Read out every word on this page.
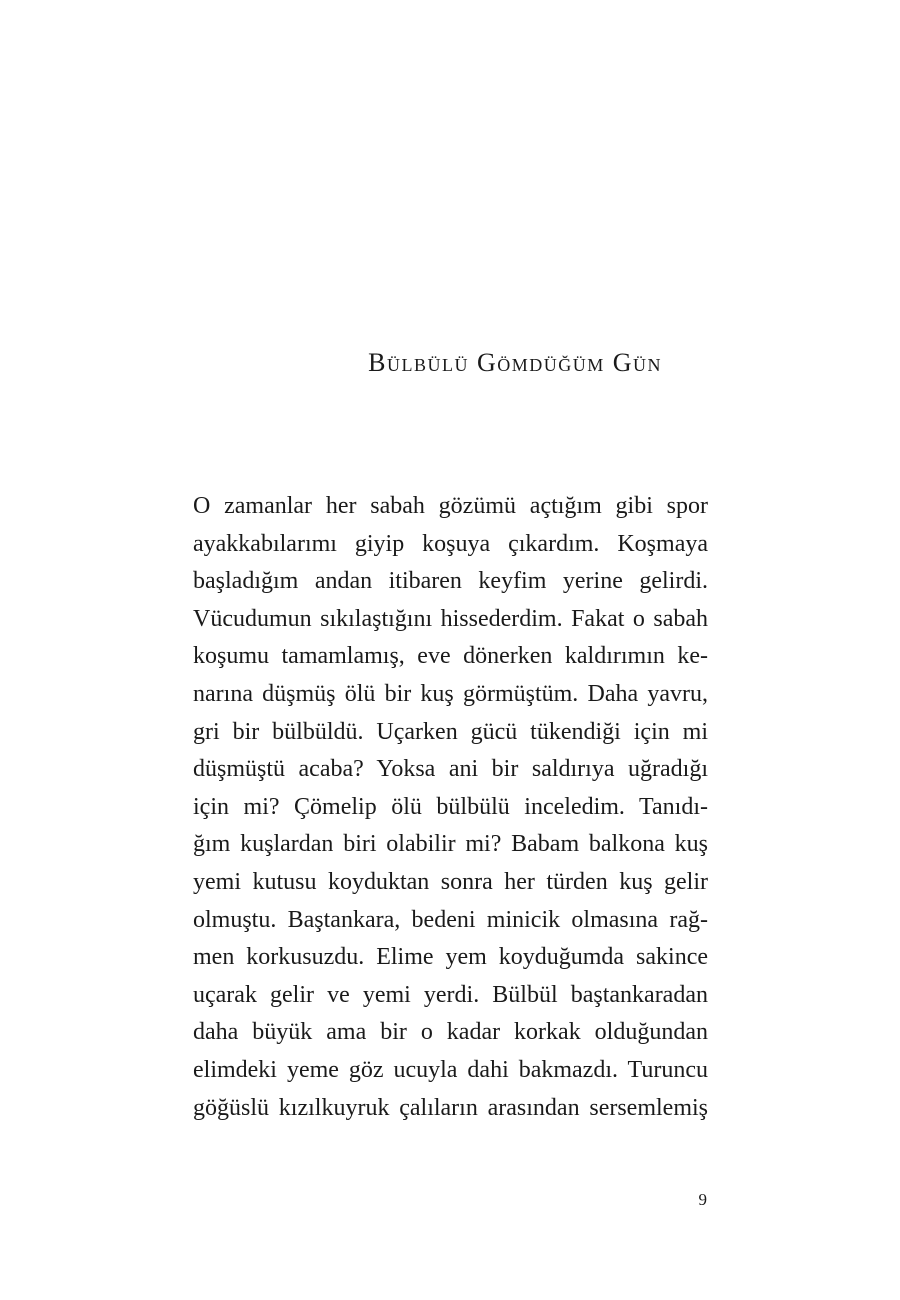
Bülbülü Gömdüğüm Gün
O zamanlar her sabah gözümü açtığım gibi spor
ayakkabılarımı giyip koşuya çıkardım. Koşmaya
başladığım andan itibaren keyfim yerine gelirdi.
Vücudumun sıkılaştığını hissederdim. Fakat o sabah
koşumu tamamlamış, eve dönerken kaldırımın ke-
narına düşmüş ölü bir kuş görmüştüm. Daha yavru,
gri bir bülbüldü. Uçarken gücü tükendiği için mi
düşmüştü acaba? Yoksa ani bir saldırıya uğradığı
için mi? Çömelip ölü bülbülü inceledim. Tanıdı-
ğım kuşlardan biri olabilir mi? Babam balkona kuş
yemi kutusu koyduktan sonra her türden kuş gelir
olmuştu. Baştankara, bedeni minicik olmasına rağ-
men korkusuzdu. Elime yem koyduğumda sakince
uçarak gelir ve yemi yerdi. Bülbül baştankaradan
daha büyük ama bir o kadar korkak olduğundan
elimdeki yeme göz ucuyla dahi bakmazdı. Turuncu
göğüslü kızılkuyruk çalıların arasından sersemlemiş
9
